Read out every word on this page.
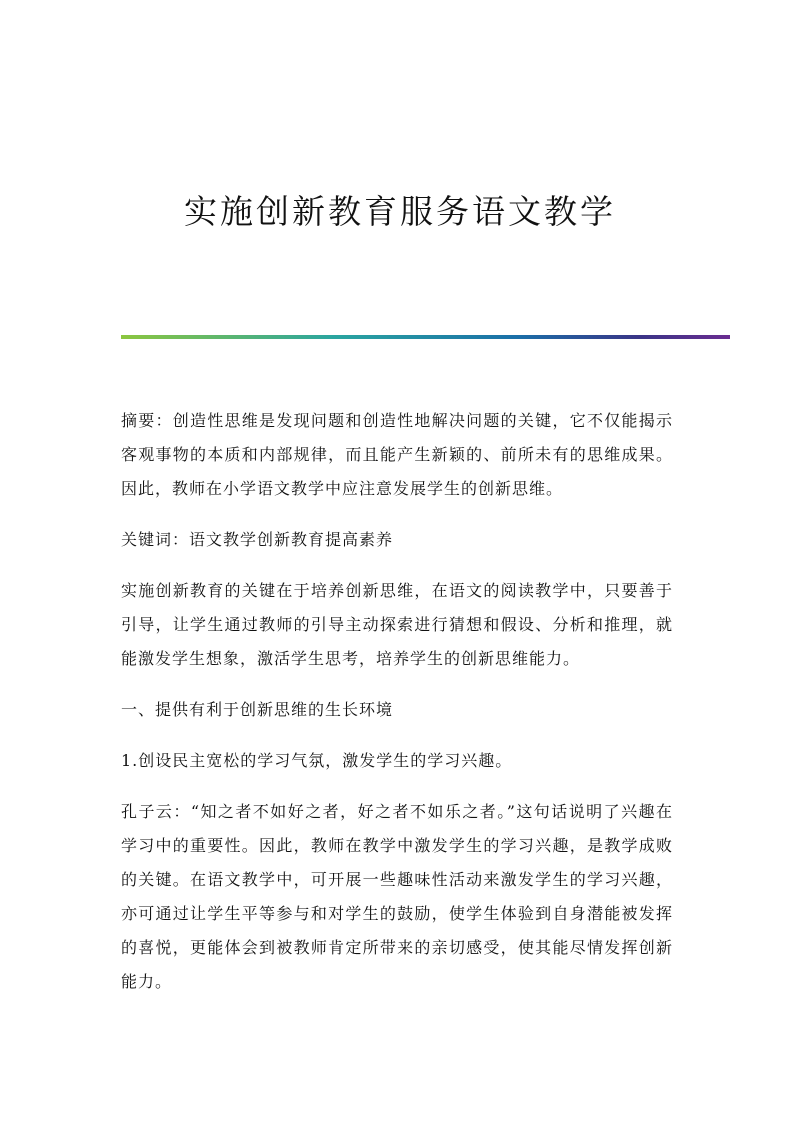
实施创新教育服务语文教学

摘要：创造性思维是发现问题和创造性地解决问题的关键，它不仅能揭示客观事物的本质和内部规律，而且能产生新颖的、前所未有的思维成果。因此，教师在小学语文教学中应注意发展学生的创新思维。

关键词：语文教学创新教育提高素养

实施创新教育的关键在于培养创新思维，在语文的阅读教学中，只要善于引导，让学生通过教师的引导主动探索进行猜想和假设、分析和推理，就能激发学生想象，激活学生思考，培养学生的创新思维能力。

一、提供有利于创新思维的生长环境

1.创设民主宽松的学习气氛，激发学生的学习兴趣。

孔子云：“知之者不如好之者，好之者不如乐之者。”这句话说明了兴趣在学习中的重要性。因此，教师在教学中激发学生的学习兴趣，是教学成败的关键。在语文教学中，可开展一些趣味性活动来激发学生的学习兴趣，亦可通过让学生平等参与和对学生的鼓励，使学生体验到自身潜能被发挥的喜悦，更能体会到被教师肯定所带来的亲切感受，使其能尽情发挥创新能力。
